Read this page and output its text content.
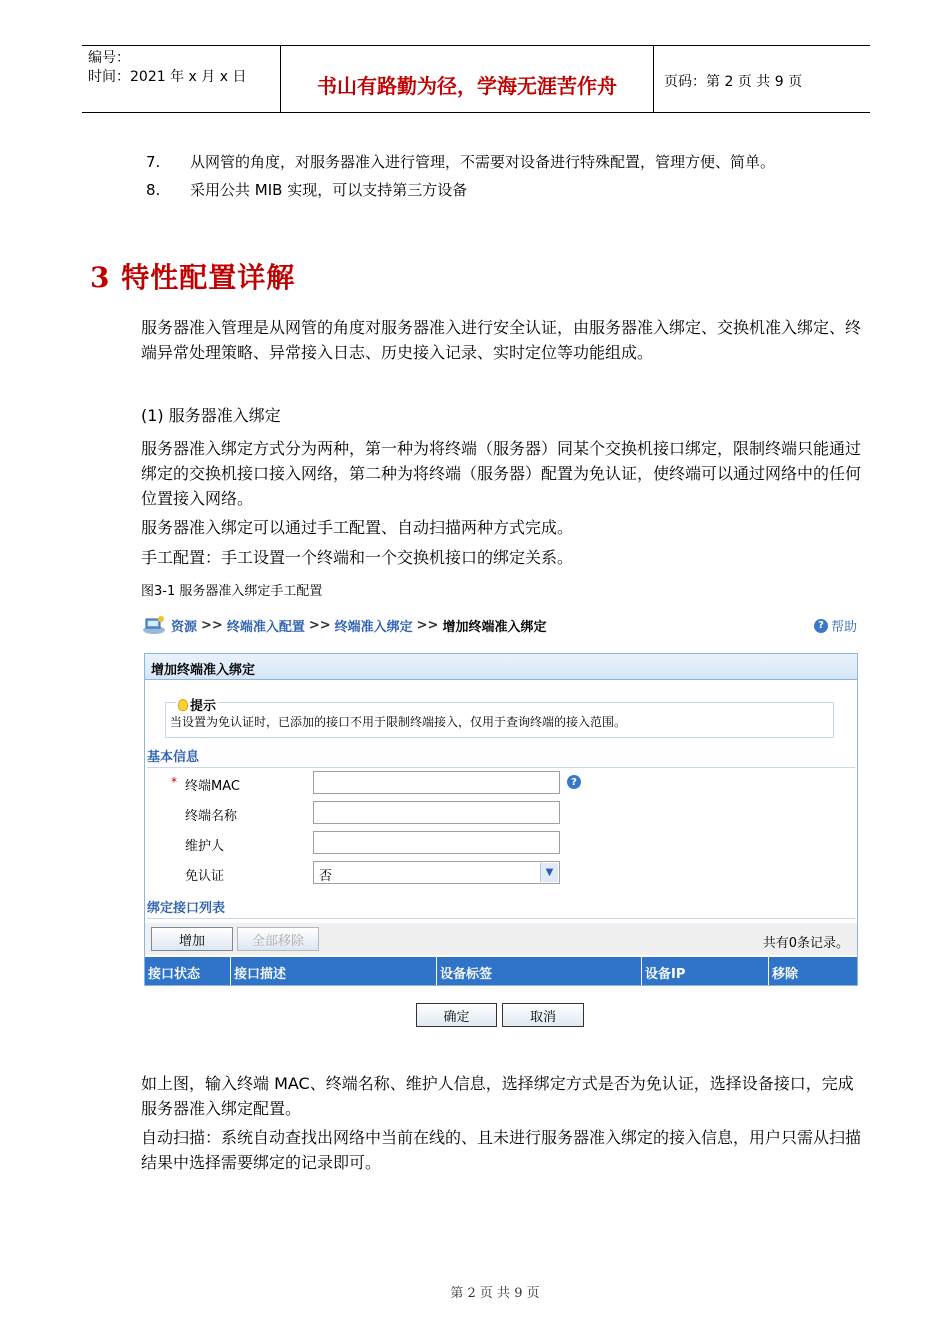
编号：
时间：2021 年 x 月 x 日	书山有路勤为径，学海无涯苦作舟	页码：第 2 页 共 9 页
7. 从网管的角度，对服务器准入进行管理，不需要对设备进行特殊配置，管理方便、简单。
8. 采用公共 MIB 实现，可以支持第三方设备
3 特性配置详解
服务器准入管理是从网管的角度对服务器准入进行安全认证，由服务器准入绑定、交换机准入绑定、终端异常处理策略、异常接入日志、历史接入记录、实时定位等功能组成。
(1) 服务器准入绑定
服务器准入绑定方式分为两种，第一种为将终端（服务器）同某个交换机接口绑定，限制终端只能通过绑定的交换机接口接入网络，第二种为将终端（服务器）配置为免认证，使终端可以通过网络中的任何位置接入网络。
服务器准入绑定可以通过手工配置、自动扫描两种方式完成。
手工配置：手工设置一个终端和一个交换机接口的绑定关系。
图3-1 服务器准入绑定手工配置
资源 >> 终端准入配置 >> 终端准入绑定 >> 增加终端准入绑定	? 帮助
增加终端准入绑定
提示
当设置为免认证时，已添加的接口不用于限制终端接入，仅用于查询终端的接入范围。
基本信息
* 终端MAC	?
终端名称
维护人
免认证	否	▼
绑定接口列表
增加	全部移除	共有0条记录。
接口状态	接口描述	设备标签	设备IP	移除
确定	取消
如上图，输入终端 MAC、终端名称、维护人信息，选择绑定方式是否为免认证，选择设备接口，完成服务器准入绑定配置。
自动扫描：系统自动查找出网络中当前在线的、且未进行服务器准入绑定的接入信息，用户只需从扫描结果中选择需要绑定的记录即可。
第 2 页 共 9 页
